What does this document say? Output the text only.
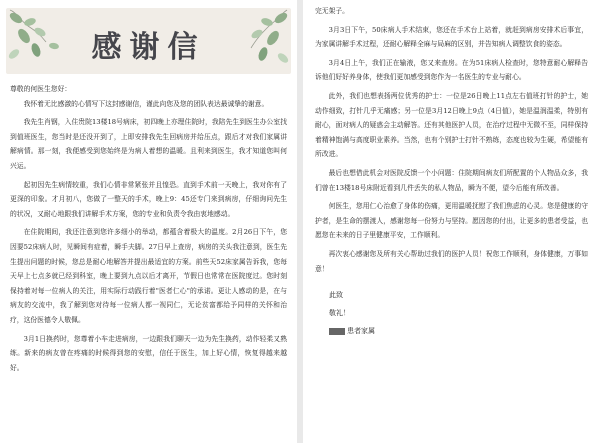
感谢信

尊敬的何医生您好：

我怀着无比感激的心情写下这封感谢信，谨此向您及您的团队表达最诚挚的谢意。

我先生肖钢，入住贵院13楼18号病床，初四晚上亦理住院时，我陪先生到医生办公室找到值班医生，您当时是还没开到了，上即安排我先生回病房并给压点，跟后才对我们家属讲解病情。那一刻，我便感受到您始终是为病人着想的温暖。且利来到医生，我才知道您叫何兴运。

起初因先生病情较重，我们心情非常紧张并且惶恐。直到手术前一天晚上，我对你有了更深的印象。才月初八，您做了一整天的手术，晚上9：45还专门来到病房，仔细询问先生的状况，又耐心地跟我们讲解手术方案，您的专业和负责令我由衷地感动。

在住院期间，我还注意到您许多细小的举动，都蕴含着极大的温度。2月26日下午，您因要52床病人时，见瞬间有症着，瞬手夫脚。27日早上查房，病房的关头我注意到，医生先生提出问题的时候，您总是耐心地解答并提出最适宜的方案。前些天52床家属告诉我，您每天早上七点多就已经到科室，晚上要到九点以后才离开，节假日也常常在医院度过。您时刻保持着对每一位病人的关注，用实际行动践行着"医者仁心"的承诺。更让人感动的是，在与病友的交流中，我了解到您对待每一位病人都一视同仁，无论贫富都给予同样的关怀和治疗，这份医德令人敬佩。

3月1日换药时，您尊着小车走进病房，一边跟我们聊天一边为先生换药，动作轻柔又熟练。新来的病友曾在疼痛的时候得到您的安慰，信任于医生，加上好心情，恢复得越来越好。

完无架子。

3月3日下午，50床病人手术结束，您还在手术台上站着，就赶到病房安排术后事宜，为家属讲解手术过程，还耐心解释全麻与局麻的区别，并告知病人调整饮食的姿态。

3月4日上午，我们正在输液，您又来查房。在为51床病人检查时，您特意耐心解释告诉他们好好养身体，使我们更加感受到您作为一名医生的专业与耐心。

此外，我们也想表扬两位优秀的护士：一位是26日晚上11点左右值班打针的护士，她动作细致，打针几乎无痛感；另一位是3月12日晚上9点（4日值），她是温润温柔，特别有耐心，面对病人的疑惑会主动解答。还有其他医护人员，在治疗过程中无微不至，同样保持着精神饱满与高度职业素养。当然，也有个别护士打针不熟练，态度也较为生硬，希望能有所改进。

最后也想借此机会对医院反馈一个小问题：住院期间病友们所配置的个人物品众多，我们曾在13楼18号床附近看到几件丢失的私人物品，瞬为不便，望今后能有所改善。

何医生，您用仁心治愈了身体的伤痛，更用温暖抚慰了我们焦虑的心灵。您是健康的守护者，是生命的摆渡人，感谢您每一份努力与坚持。愿因您的付出，让更多的患者受益，也愿您在未来的日子里健康平安，工作顺利。

再次衷心感谢您及所有关心帮助过我们的医护人员！祝您工作顺利，身体健康，万事如意！

此致
敬礼！
患者家属
